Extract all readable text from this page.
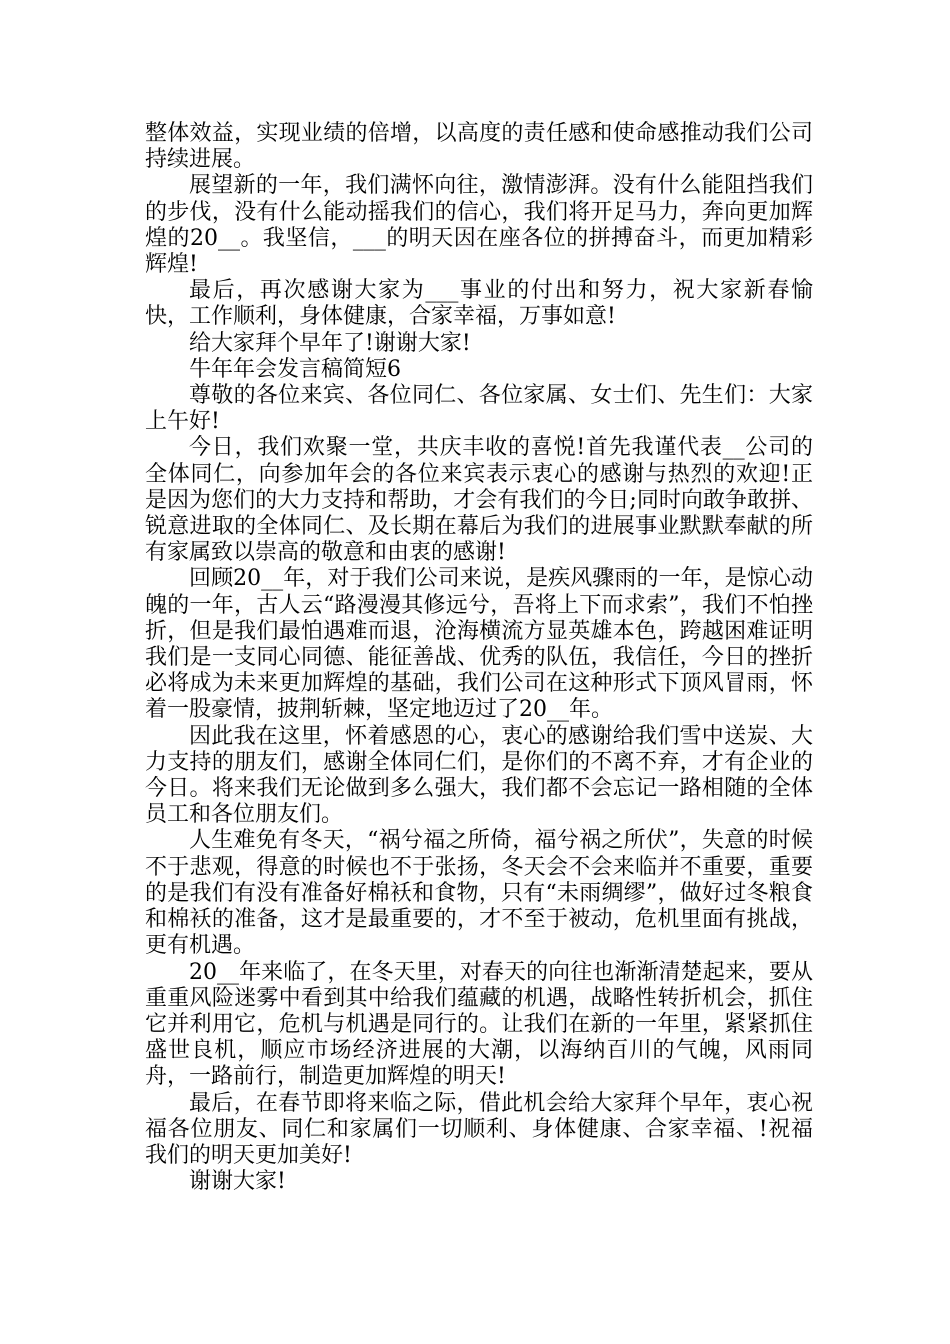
整体效益，实现业绩的倍增，以高度的责任感和使命感推动我们公司持续进展。

展望新的一年，我们满怀向往，激情澎湃。没有什么能阻挡我们的步伐，没有什么能动摇我们的信心，我们将开足马力，奔向更加辉煌的20__。我坚信，___的明天因在座各位的拼搏奋斗，而更加精彩辉煌!

最后，再次感谢大家为___事业的付出和努力，祝大家新春愉快，工作顺利，身体健康，合家幸福，万事如意!

给大家拜个早年了!谢谢大家!

牛年年会发言稿简短6

尊敬的各位来宾、各位同仁、各位家属、女士们、先生们：大家上午好!

今日，我们欢聚一堂，共庆丰收的喜悦!首先我谨代表__公司的全体同仁，向参加年会的各位来宾表示衷心的感谢与热烈的欢迎!正是因为您们的大力支持和帮助，才会有我们的今日;同时向敢争敢拼、锐意进取的全体同仁、及长期在幕后为我们的进展事业默默奉献的所有家属致以崇高的敬意和由衷的感谢!

回顾20__年，对于我们公司来说，是疾风骤雨的一年，是惊心动魄的一年，古人云“路漫漫其修远兮，吾将上下而求索”，我们不怕挫折，但是我们最怕遇难而退，沧海横流方显英雄本色，跨越困难证明我们是一支同心同德、能征善战、优秀的队伍，我信任，今日的挫折必将成为未来更加辉煌的基础，我们公司在这种形式下顶风冒雨，怀着一股豪情，披荆斩棘，坚定地迈过了20__年。

因此我在这里，怀着感恩的心，衷心的感谢给我们雪中送炭、大力支持的朋友们，感谢全体同仁们，是你们的不离不弃，才有企业的今日。将来我们无论做到多么强大，我们都不会忘记一路相随的全体员工和各位朋友们。

人生难免有冬天，“祸兮福之所倚，福兮祸之所伏”，失意的时候不于悲观，得意的时候也不于张扬，冬天会不会来临并不重要，重要的是我们有没有准备好棉袄和食物，只有“未雨绸缪”，做好过冬粮食和棉袄的准备，这才是最重要的，才不至于被动，危机里面有挑战，更有机遇。

20__年来临了，在冬天里，对春天的向往也渐渐清楚起来，要从重重风险迷雾中看到其中给我们蕴藏的机遇，战略性转折机会，抓住它并利用它，危机与机遇是同行的。让我们在新的一年里，紧紧抓住盛世良机，顺应市场经济进展的大潮，以海纳百川的气魄，风雨同舟，一路前行，制造更加辉煌的明天!

最后，在春节即将来临之际，借此机会给大家拜个早年，衷心祝福各位朋友、同仁和家属们一切顺利、身体健康、合家幸福、!祝福我们的明天更加美好!

谢谢大家!
